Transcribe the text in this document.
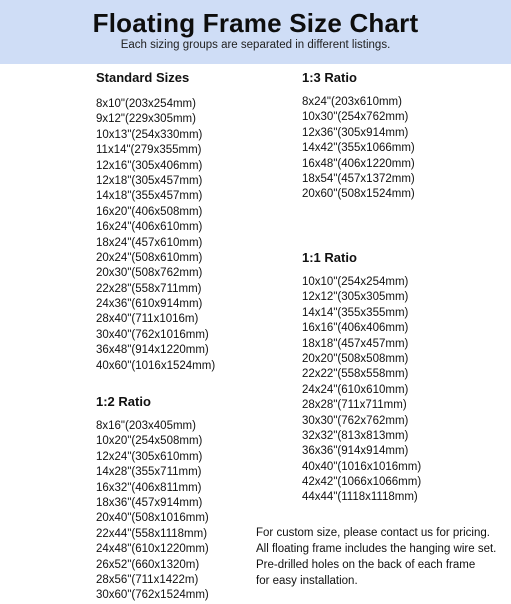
Floating Frame Size Chart
Each sizing groups are separated in different listings.
Standard Sizes
8x10"(203x254mm)
9x12"(229x305mm)
10x13"(254x330mm)
11x14"(279x355mm)
12x16"(305x406mm)
12x18"(305x457mm)
14x18"(355x457mm)
16x20"(406x508mm)
16x24"(406x610mm)
18x24"(457x610mm)
20x24"(508x610mm)
20x30"(508x762mm)
22x28"(558x711mm)
24x36"(610x914mm)
28x40"(711x1016m)
30x40"(762x1016mm)
36x48"(914x1220mm)
40x60"(1016x1524mm)
1:2 Ratio
8x16"(203x405mm)
10x20"(254x508mm)
12x24"(305x610mm)
14x28"(355x711mm)
16x32"(406x811mm)
18x36"(457x914mm)
20x40"(508x1016mm)
22x44"(558x1118mm)
24x48"(610x1220mm)
26x52"(660x1320m)
28x56"(711x1422m)
30x60"(762x1524mm)
1:3 Ratio
8x24"(203x610mm)
10x30"(254x762mm)
12x36"(305x914mm)
14x42"(355x1066mm)
16x48"(406x1220mm)
18x54"(457x1372mm)
20x60"(508x1524mm)
1:1 Ratio
10x10"(254x254mm)
12x12"(305x305mm)
14x14"(355x355mm)
16x16"(406x406mm)
18x18"(457x457mm)
20x20"(508x508mm)
22x22"(558x558mm)
24x24"(610x610mm)
28x28"(711x711mm)
30x30"(762x762mm)
32x32"(813x813mm)
36x36"(914x914mm)
40x40"(1016x1016mm)
42x42"(1066x1066mm)
44x44"(1118x1118mm)
For custom size, please contact us for pricing.
All floating frame includes the hanging wire set.
Pre-drilled holes on the back of each frame
for easy installation.
